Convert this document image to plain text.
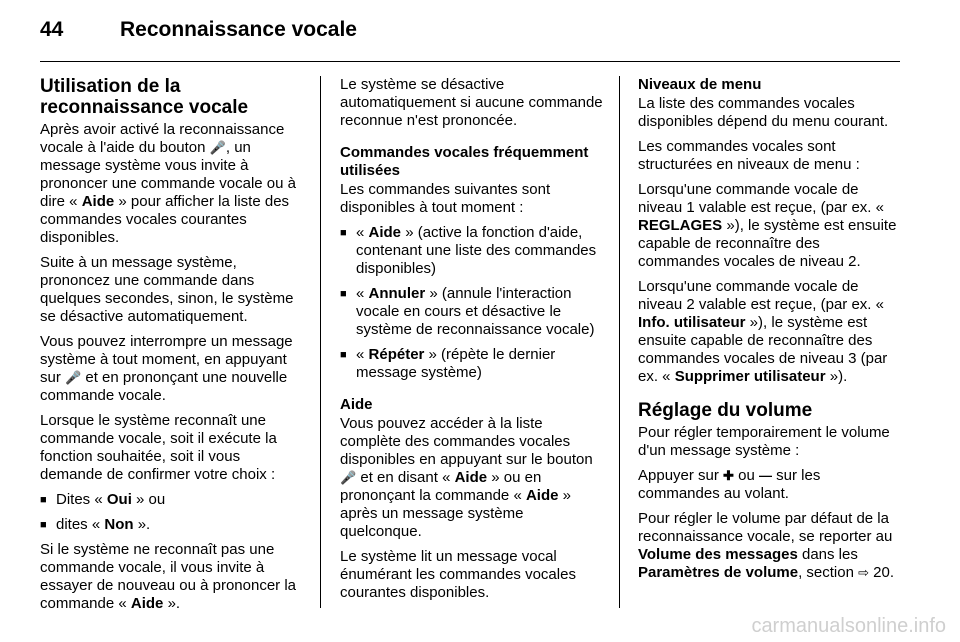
44	Reconnaissance vocale
Utilisation de la reconnaissance vocale

Après avoir activé la reconnaissance vocale à l'aide du bouton 🎤, un message système vous invite à prononcer une commande vocale ou à dire « Aide » pour afficher la liste des commandes vocales courantes disponibles.

Suite à un message système, prononcez une commande dans quelques secondes, sinon, le système se désactive automatiquement.

Vous pouvez interrompre un message système à tout moment, en appuyant sur 🎤 et en prononçant une nouvelle commande vocale.

Lorsque le système reconnaît une commande vocale, soit il exécute la fonction souhaitée, soit il vous demande de confirmer votre choix :

■ Dites « Oui » ou
■ dites « Non ».

Si le système ne reconnaît pas une commande vocale, il vous invite à essayer de nouveau ou à prononcer la commande « Aide ».

Le système se désactive automatiquement si aucune commande reconnue n'est prononcée.

Commandes vocales fréquemment utilisées

Les commandes suivantes sont disponibles à tout moment :

■ « Aide » (active la fonction d'aide, contenant une liste des commandes disponibles)
■ « Annuler » (annule l'interaction vocale en cours et désactive le système de reconnaissance vocale)
■ « Répéter » (répète le dernier message système)
Aide

Vous pouvez accéder à la liste complète des commandes vocales disponibles en appuyant sur le bouton 🎤 et en disant « Aide » ou en prononçant la commande « Aide » après un message système quelconque.

Le système lit un message vocal énumérant les commandes vocales courantes disponibles.

Niveaux de menu

La liste des commandes vocales disponibles dépend du menu courant.

Les commandes vocales sont structurées en niveaux de menu :

Lorsqu'une commande vocale de niveau 1 valable est reçue, (par ex. « REGLAGES »), le système est ensuite capable de reconnaître des commandes vocales de niveau 2.

Lorsqu'une commande vocale de niveau 2 valable est reçue, (par ex. « Info. utilisateur »), le système est ensuite capable de reconnaître des commandes vocales de niveau 3 (par ex. « Supprimer utilisateur »).

Réglage du volume

Pour régler temporairement le volume d'un message système :

Appuyer sur ✚ ou — sur les commandes au volant.

Pour régler le volume par défaut de la reconnaissance vocale, se reporter au Volume des messages dans les Paramètres de volume, section ⇨ 20.

carmanualsonline.info
